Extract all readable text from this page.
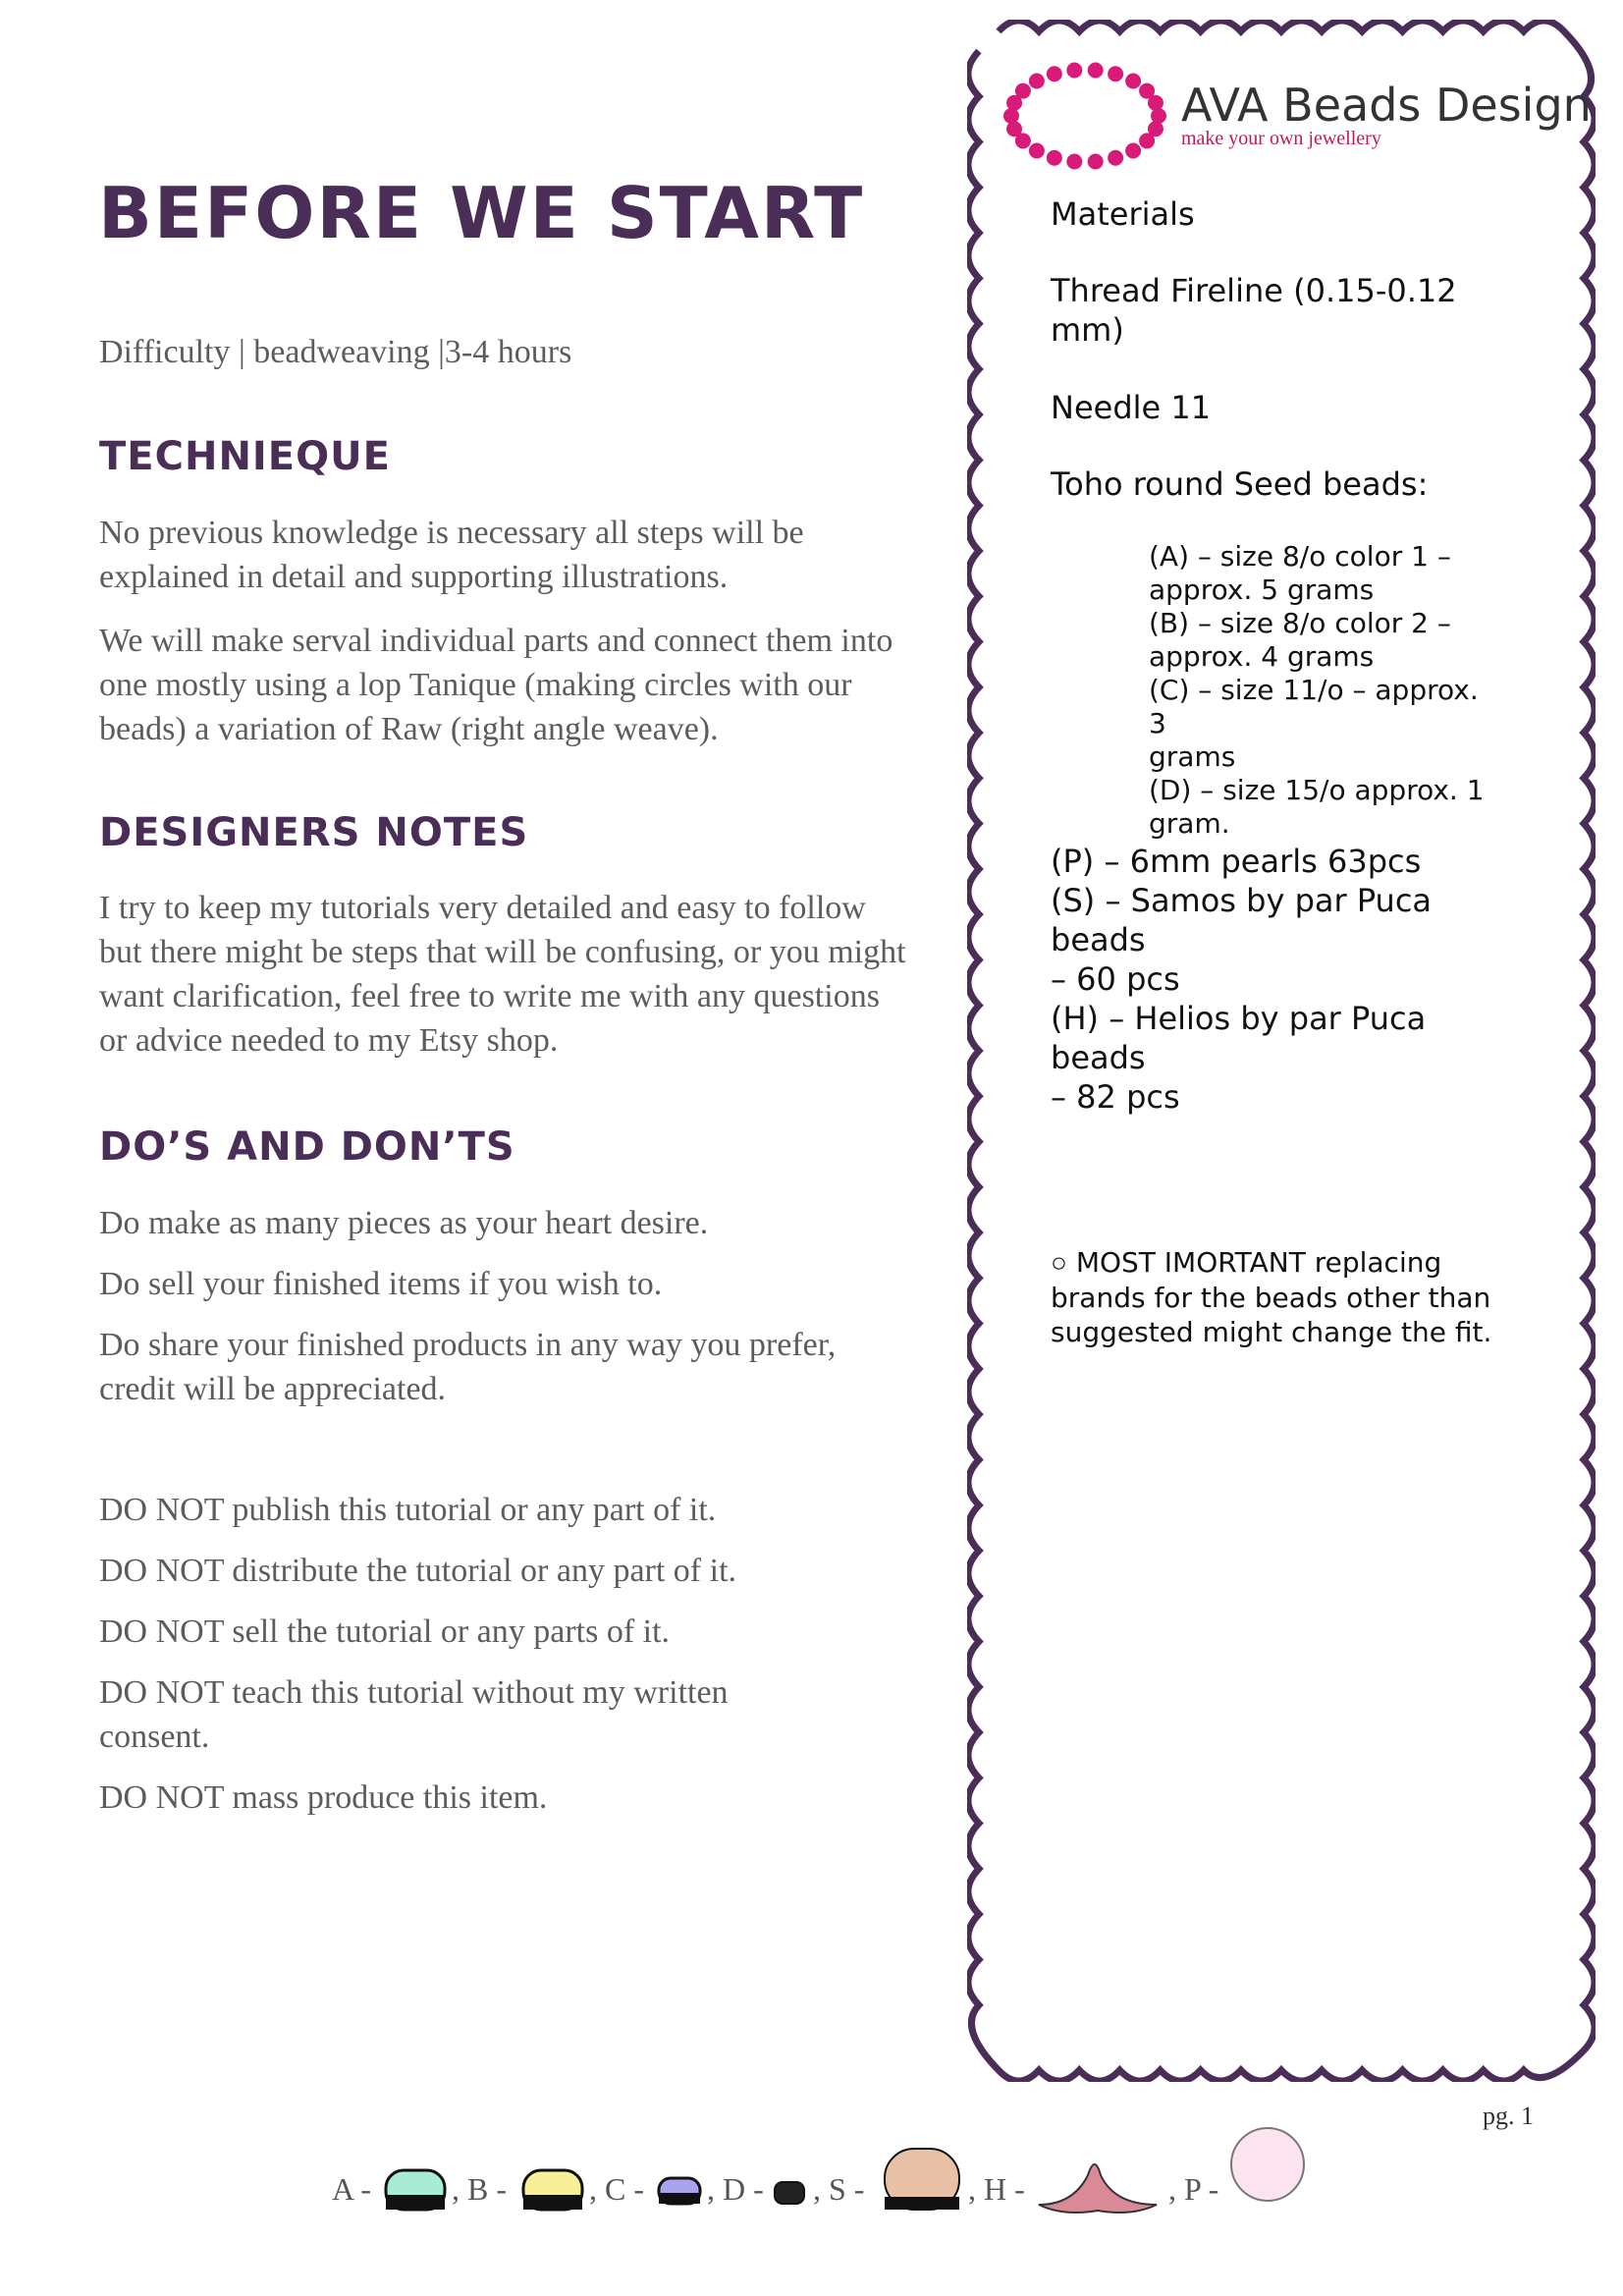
BEFORE WE START

Difficulty | beadweaving |3-4 hours

TECHNIEQUE

No previous knowledge is necessary all steps will be explained in detail and supporting illustrations.

We will make serval individual parts and connect them into one mostly using a lop Tanique (making circles with our beads) a variation of Raw (right angle weave).

DESIGNERS NOTES

I try to keep my tutorials very detailed and easy to follow but there might be steps that will be confusing, or you might want clarification, feel free to write me with any questions or advice needed to my Etsy shop.

DO’S AND DON’TS

Do make as many pieces as your heart desire.

Do sell your finished items if you wish to.

Do share your finished products in any way you prefer, credit will be appreciated.

DO NOT publish this tutorial or any part of it.

DO NOT distribute the tutorial or any part of it.

DO NOT sell the tutorial or any parts of it.

DO NOT teach this tutorial without my written consent.

DO NOT mass produce this item.

AVA Beads Design

make your own jewellery

Materials

Thread Fireline (0.15-0.12 mm)

Needle 11

Toho round Seed beads:

(A) – size 8/o color 1 –
approx. 5 grams
(B) – size 8/o color 2 –
approx. 4 grams
(C) – size 11/o – approx. 3
grams
(D) – size 15/o approx. 1
gram.
(P) – 6mm pearls 63pcs
(S) – Samos by par Puca beads
– 60 pcs
(H) – Helios by par Puca beads
– 82 pcs
○ MOST IMORTANT replacing brands for the beads other than suggested might change the fit.

pg. 1

A -	, B -	, C - , D - , S -	, H -	, P -
